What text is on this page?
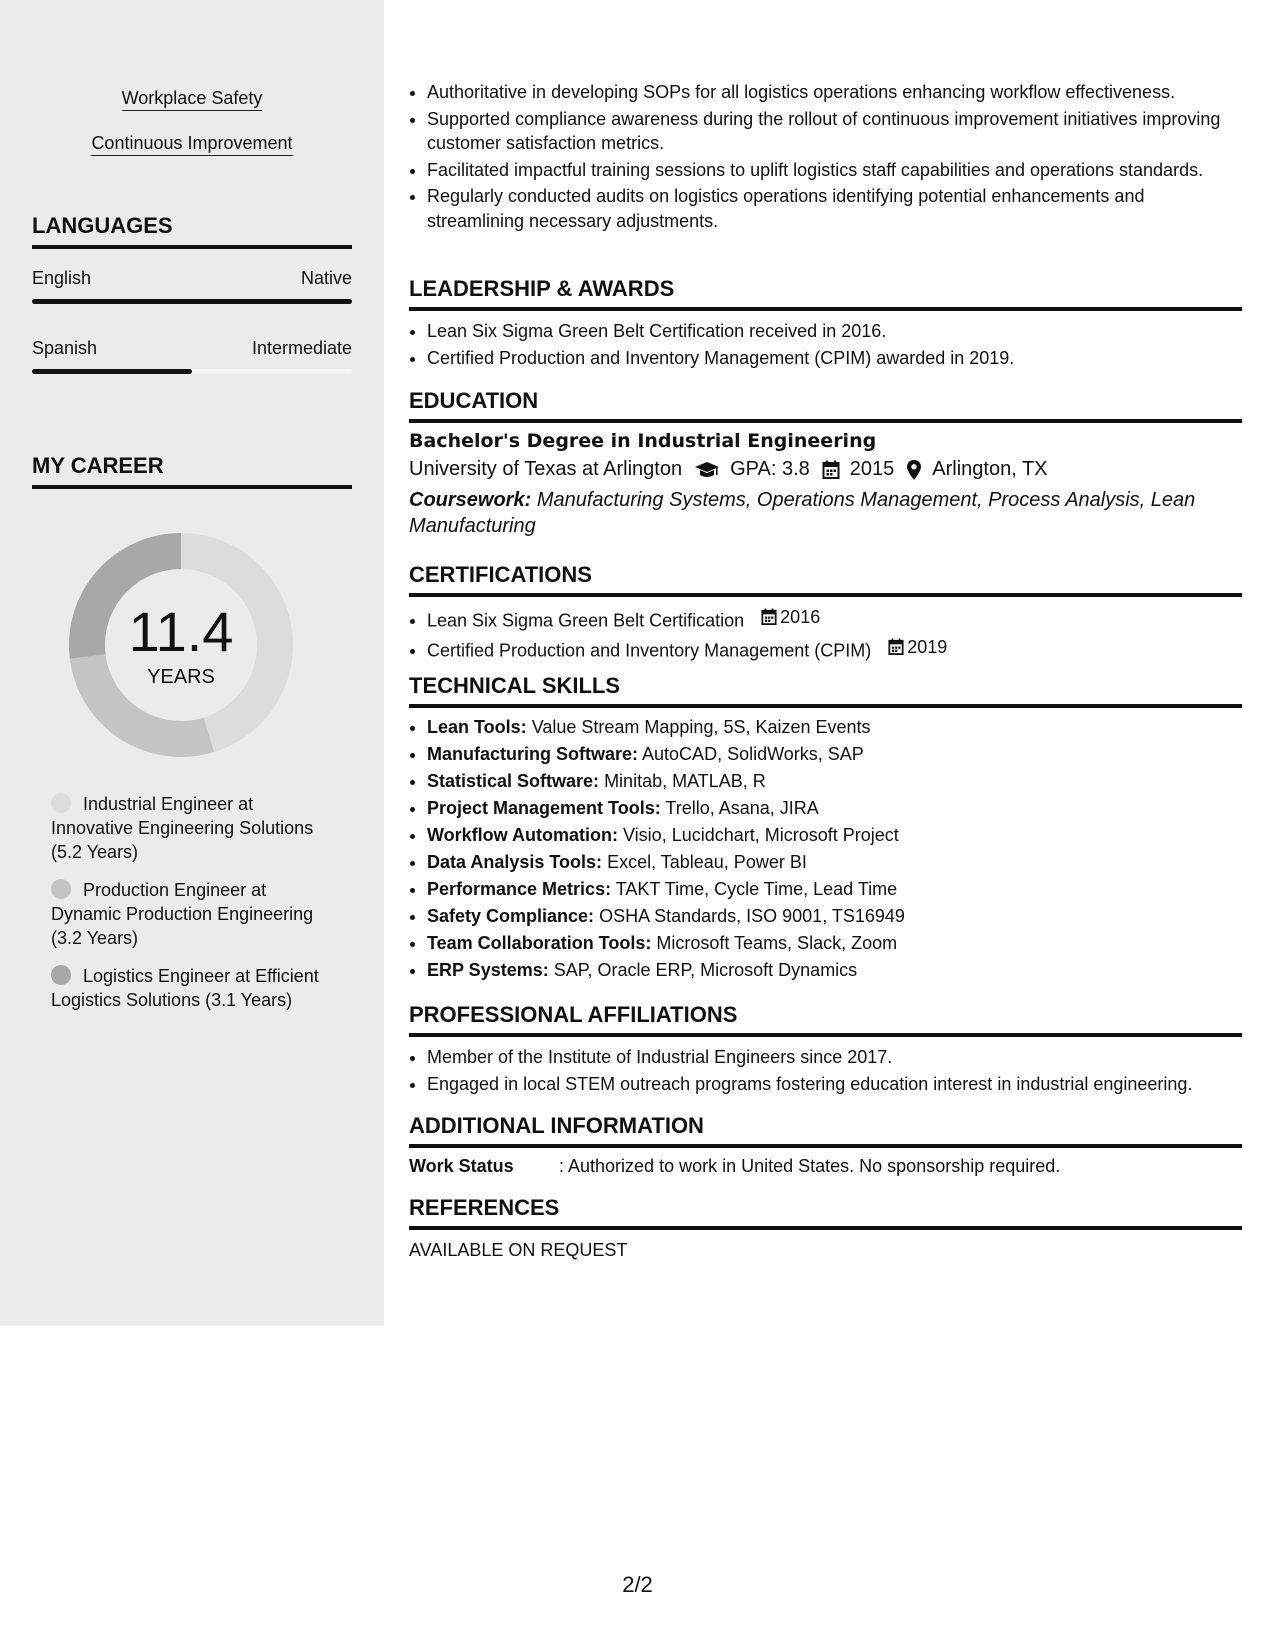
Workplace Safety
Continuous Improvement
LANGUAGES
English	Native
Spanish	Intermediate
MY CAREER
11.4
YEARS
Industrial Engineer at Innovative Engineering Solutions (5.2 Years)
Production Engineer at Dynamic Production Engineering (3.2 Years)
Logistics Engineer at Efficient Logistics Solutions (3.1 Years)
• Authoritative in developing SOPs for all logistics operations enhancing workflow effectiveness.
• Supported compliance awareness during the rollout of continuous improvement initiatives improving customer satisfaction metrics.
• Facilitated impactful training sessions to uplift logistics staff capabilities and operations standards.
• Regularly conducted audits on logistics operations identifying potential enhancements and streamlining necessary adjustments.
LEADERSHIP & AWARDS
• Lean Six Sigma Green Belt Certification received in 2016.
• Certified Production and Inventory Management (CPIM) awarded in 2019.
EDUCATION
Bachelor's Degree in Industrial Engineering
University of Texas at Arlington GPA: 3.8 2015 Arlington, TX
Coursework: Manufacturing Systems, Operations Management, Process Analysis, Lean Manufacturing
CERTIFICATIONS
• Lean Six Sigma Green Belt Certification 2016
• Certified Production and Inventory Management (CPIM) 2019
TECHNICAL SKILLS
• Lean Tools: Value Stream Mapping, 5S, Kaizen Events
• Manufacturing Software: AutoCAD, SolidWorks, SAP
• Statistical Software: Minitab, MATLAB, R
• Project Management Tools: Trello, Asana, JIRA
• Workflow Automation: Visio, Lucidchart, Microsoft Project
• Data Analysis Tools: Excel, Tableau, Power BI
• Performance Metrics: TAKT Time, Cycle Time, Lead Time
• Safety Compliance: OSHA Standards, ISO 9001, TS16949
• Team Collaboration Tools: Microsoft Teams, Slack, Zoom
• ERP Systems: SAP, Oracle ERP, Microsoft Dynamics
PROFESSIONAL AFFILIATIONS
• Member of the Institute of Industrial Engineers since 2017.
• Engaged in local STEM outreach programs fostering education interest in industrial engineering.
ADDITIONAL INFORMATION
Work Status	: Authorized to work in United States. No sponsorship required.
REFERENCES
AVAILABLE ON REQUEST
2/2
